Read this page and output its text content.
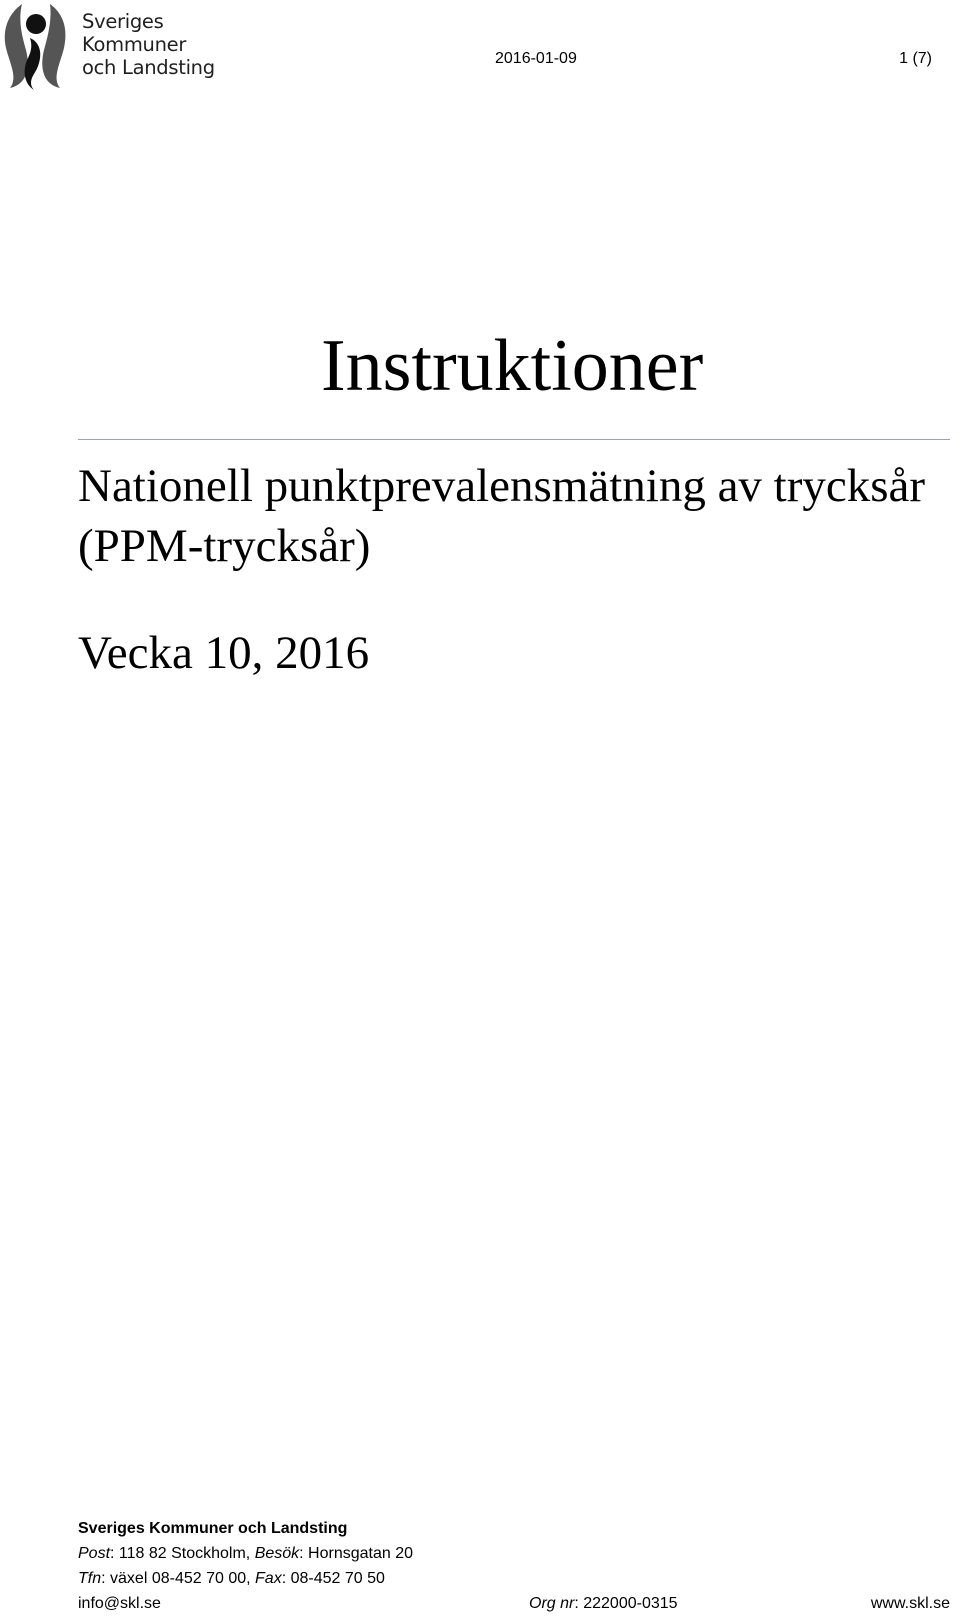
Sveriges
Kommuner
och Landsting	2016-01-09	1 (7)
Instruktioner
Nationell punktprevalensmätning av trycksår (PPM-trycksår)
Vecka 10, 2016
Sveriges Kommuner och Landsting
Post: 118 82 Stockholm, Besök: Hornsgatan 20
Tfn: växel 08-452 70 00, Fax: 08-452 70 50
info@skl.se	Org nr: 222000-0315	www.skl.se
